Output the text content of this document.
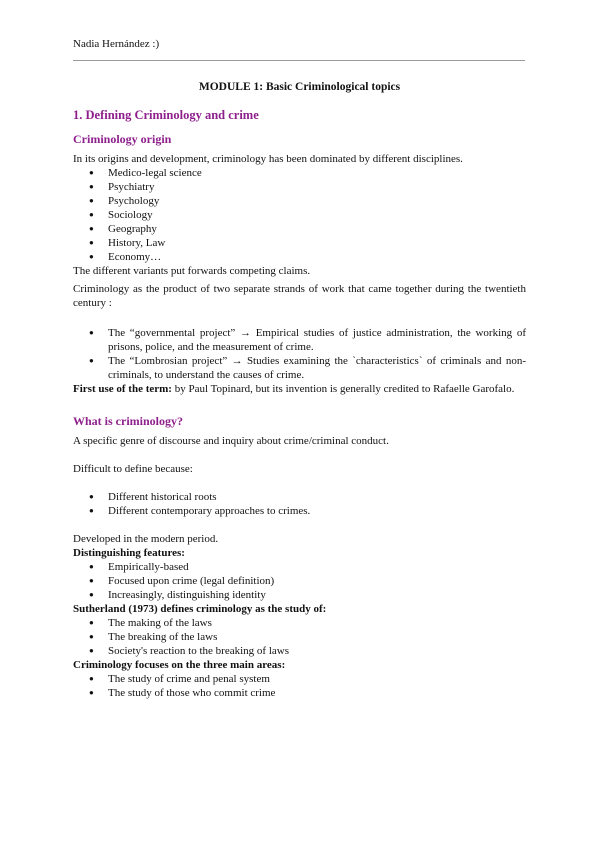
Nadia Hernández :)

MODULE 1: Basic Criminological topics

1. Defining Criminology and crime

Criminology origin

In its origins and development, criminology has been dominated by different disciplines.

● Medico-legal science
● Psychiatry
● Psychology
● Sociology
● Geography
● History, Law
● Economy…

The different variants put forwards competing claims.

Criminology as the product of two separate strands of work that came together during the twentieth century :

● The “governmental project” → Empirical studies of justice administration, the working of prisons, police, and the measurement of crime.
● The “Lombrosian project” → Studies examining the `characteristics` of criminals and non-criminals, to understand the causes of crime.

First use of the term: by Paul Topinard, but its invention is generally credited to Rafaelle Garofalo.

What is criminology?

A specific genre of discourse and inquiry about crime/criminal conduct.

Difficult to define because:

● Different historical roots
● Different contemporary approaches to crimes.

Developed in the modern period.

Distinguishing features:

● Empirically-based
● Focused upon crime (legal definition)
● Increasingly, distinguishing identity

Sutherland (1973) defines criminology as the study of:

● The making of the laws
● The breaking of the laws
● Society's reaction to the breaking of laws

Criminology focuses on the three main areas:

● The study of crime and penal system
● The study of those who commit crime
